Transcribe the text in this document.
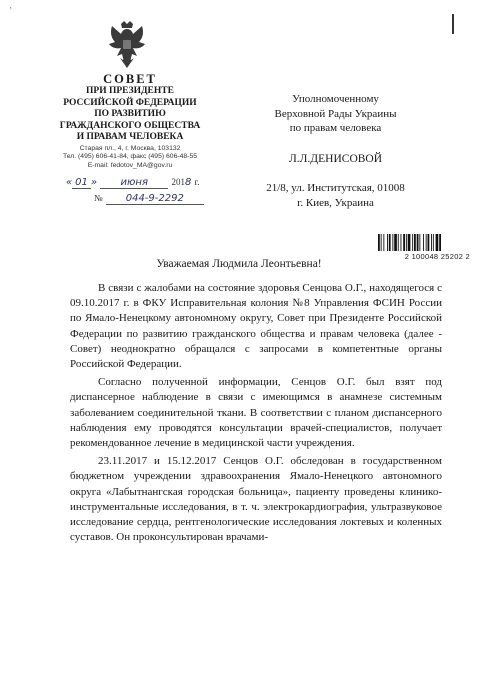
ʼ
СОВЕТ
ПРИ ПРЕЗИДЕНТЕ
РОССИЙСКОЙ ФЕДЕРАЦИИ
ПО РАЗВИТИЮ
ГРАЖДАНСКОГО ОБЩЕСТВА
И ПРАВАМ ЧЕЛОВЕКА
Старая пл., 4, г. Москва, 103132
Тел. (495) 606-41-84, факс (495) 606-48-55
E-mail: fedotov_MA@gov.ru
« 01 » июня	2018 г.
№ 044-9-2292
Уполномоченному
Верховной Рады Украины
по правам человека
Л.Л.ДЕНИСОВОЙ
21/8, ул. Институтская, 01008
г. Киев, Украина
2 100048 25202 2
Уважаемая Людмила Леонтьевна!

В связи с жалобами на состояние здоровья Сенцова О.Г., находящегося с 09.10.2017 г. в ФКУ Исправительная колония №8 Управления ФСИН России по Ямало-Ненецкому автономному округу, Совет при Президенте Российской Федерации по развитию гражданского общества и правам человека (далее - Совет) неоднократно обращался с запросами в компетентные органы Российской Федерации.

Согласно полученной информации, Сенцов О.Г. был взят под диспансерное наблюдение в связи с имеющимся в анамнезе системным заболеванием соединительной ткани. В соответствии с планом диспансерного наблюдения ему проводятся консультации врачей-специалистов, получает рекомендованное лечение в медицинской части учреждения.

23.11.2017 и 15.12.2017 Сенцов О.Г. обследован в государственном бюджетном учреждении здравоохранения Ямало-Ненецкого автономного округа «Лабытнангская городская больница», пациенту проведены клинико-инструментальные исследования, в т. ч. электрокардиография, ультразвуковое исследование сердца, рентгенологические исследования локтевых и коленных суставов. Он проконсультирован врачами-
